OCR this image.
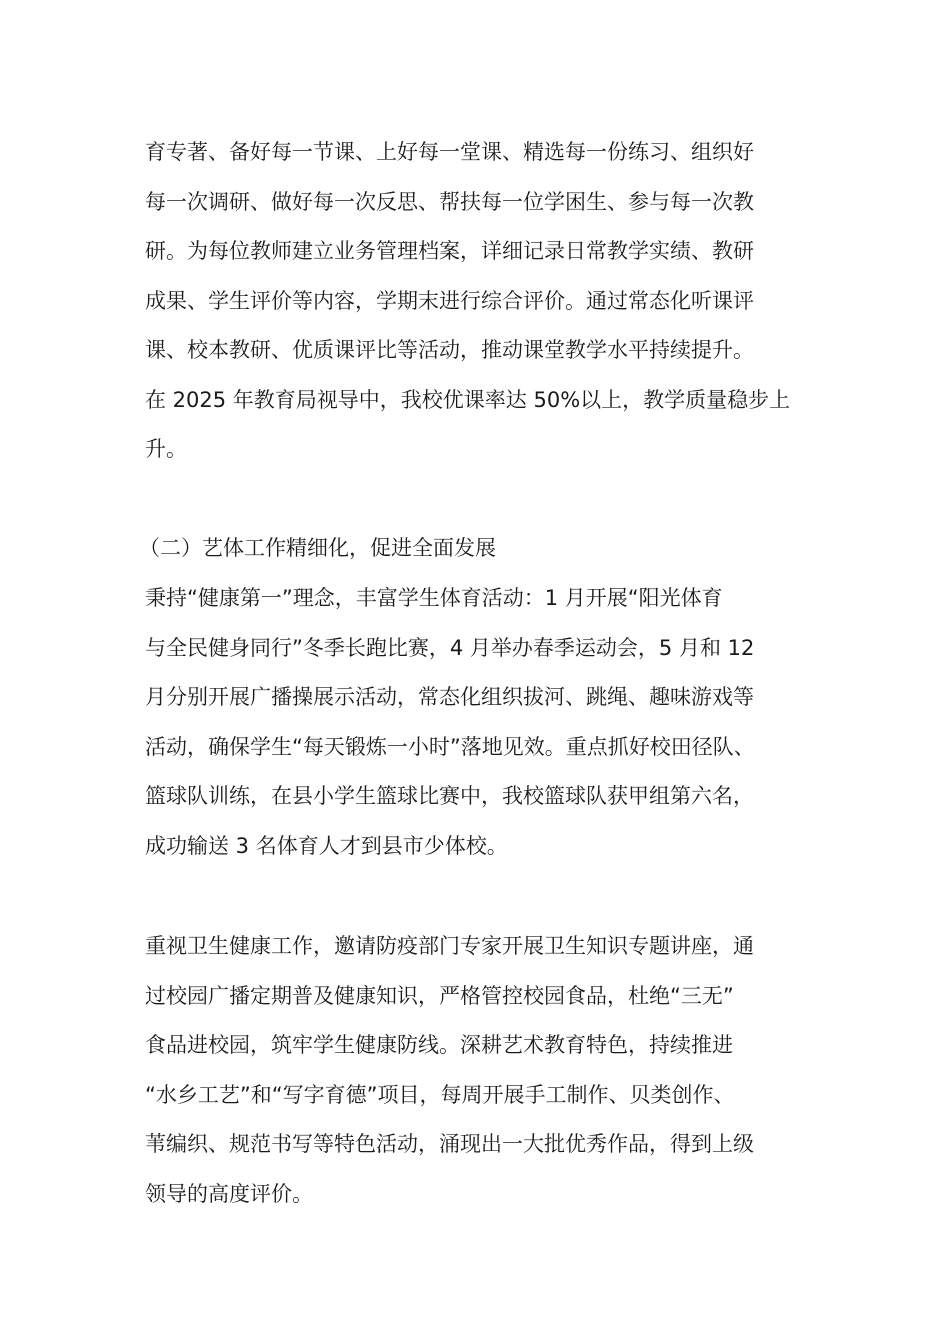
育专著、备好每一节课、上好每一堂课、精选每一份练习、组织好
每一次调研、做好每一次反思、帮扶每一位学困生、参与每一次教
研。为每位教师建立业务管理档案，详细记录日常教学实绩、教研
成果、学生评价等内容，学期末进行综合评价。通过常态化听课评
课、校本教研、优质课评比等活动，推动课堂教学水平持续提升。
在 2025 年教育局视导中，我校优课率达 50%以上，教学质量稳步上
升。
（二）艺体工作精细化，促进全面发展
秉持“健康第一”理念，丰富学生体育活动：1 月开展“阳光体育
与全民健身同行”冬季长跑比赛，4 月举办春季运动会，5 月和 12
月分别开展广播操展示活动，常态化组织拔河、跳绳、趣味游戏等
活动，确保学生“每天锻炼一小时”落地见效。重点抓好校田径队、
篮球队训练，在县小学生篮球比赛中，我校篮球队获甲组第六名，
成功输送 3 名体育人才到县市少体校。
重视卫生健康工作，邀请防疫部门专家开展卫生知识专题讲座，通
过校园广播定期普及健康知识，严格管控校园食品，杜绝“三无”
食品进校园，筑牢学生健康防线。深耕艺术教育特色，持续推进
“水乡工艺”和“写字育德”项目，每周开展手工制作、贝类创作、
苇编织、规范书写等特色活动，涌现出一大批优秀作品，得到上级
领导的高度评价。
